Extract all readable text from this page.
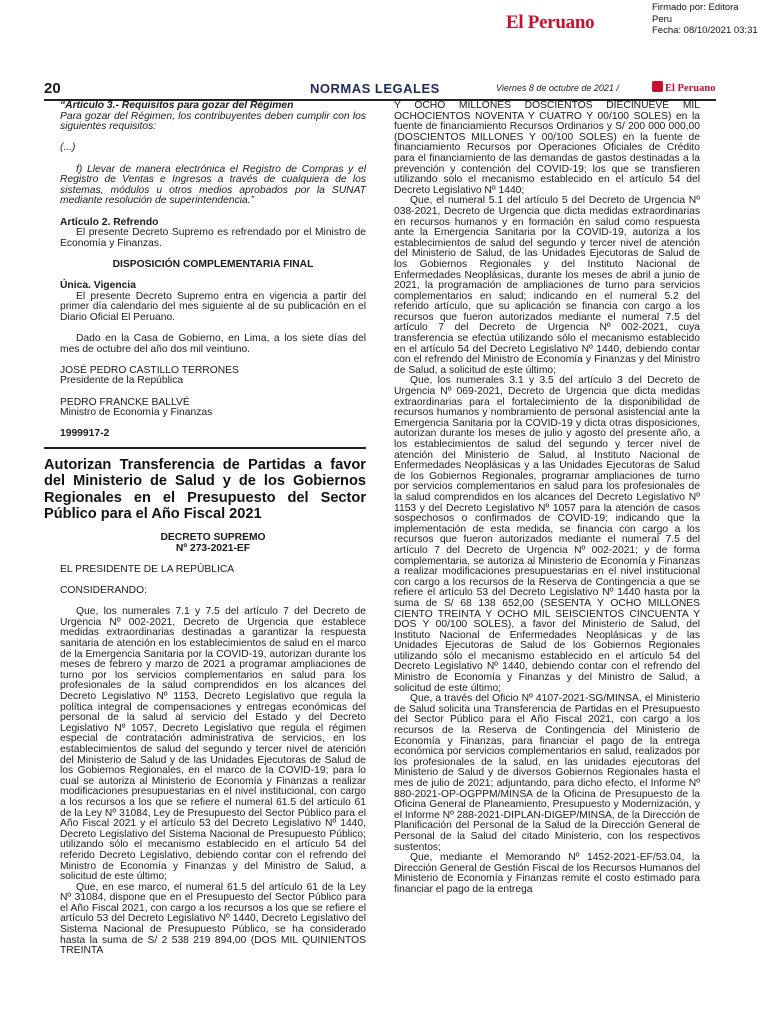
El Peruano
Firmado por: Editora
Peru
Fecha: 08/10/2021 03:31
20	NORMAS LEGALES	Viernes 8 de octubre de 2021 /	El Peruano

“Artículo 3.- Requisitos para gozar del Régimen

Para gozar del Régimen, los contribuyentes deben cumplir con los siguientes requisitos:

(...)

f) Llevar de manera electrónica el Registro de Compras y el Registro de Ventas e Ingresos a través de cualquiera de los sistemas, módulos u otros medios aprobados por la SUNAT mediante resolución de superintendencia.”

Artículo 2. Refrendo

El presente Decreto Supremo es refrendado por el Ministro de Economía y Finanzas.

DISPOSICIÓN COMPLEMENTARIA FINAL

Única. Vigencia

El presente Decreto Supremo entra en vigencia a partir del primer día calendario del mes siguiente al de su publicación en el Diario Oficial El Peruano.

Dado en la Casa de Gobierno, en Lima, a los siete días del mes de octubre del año dos mil veintiuno.

JOSÉ PEDRO CASTILLO TERRONES

Presidente de la República

PEDRO FRANCKE BALLVÉ

Ministro de Economía y Finanzas

1999917-2

Autorizan Transferencia de Partidas a favor del Ministerio de Salud y de los Gobiernos Regionales en el Presupuesto del Sector Público para el Año Fiscal 2021

DECRETO SUPREMO

Nº 273-2021-EF

EL PRESIDENTE DE LA REPÚBLICA

CONSIDERANDO:

Que, los numerales 7.1 y 7.5 del artículo 7 del Decreto de Urgencia Nº 002-2021, Decreto de Urgencia que establece medidas extraordinarias destinadas a garantizar la respuesta sanitaria de atención en los establecimientos de salud en el marco de la Emergencia Sanitaria por la COVID-19, autorizan durante los meses de febrero y marzo de 2021 a programar ampliaciones de turno por los servicios complementarios en salud para los profesionales de la salud comprendidos en los alcances del Decreto Legislativo Nº 1153, Decreto Legislativo que regula la política integral de compensaciones y entregas económicas del personal de la salud al servicio del Estado y del Decreto Legislativo Nº 1057, Decreto Legislativo que regula el régimen especial de contratación administrativa de servicios, en los establecimientos de salud del segundo y tercer nivel de atención del Ministerio de Salud y de las Unidades Ejecutoras de Salud de los Gobiernos Regionales, en el marco de la COVID-19; para lo cual se autoriza al Ministerio de Economía y Finanzas a realizar modificaciones presupuestarias en el nivel institucional, con cargo a los recursos a los que se refiere el numeral 61.5 del artículo 61 de la Ley Nº 31084, Ley de Presupuesto del Sector Público para el Año Fiscal 2021 y el artículo 53 del Decreto Legislativo Nº 1440, Decreto Legislativo del Sistema Nacional de Presupuesto Público; utilizando sólo el mecanismo establecido en el artículo 54 del referido Decreto Legislativo, debiendo contar con el refrendo del Ministro de Economía y Finanzas y del Ministro de Salud, a solicitud de este último;

Que, en ese marco, el numeral 61.5 del artículo 61 de la Ley Nº 31084, dispone que en el Presupuesto del Sector Público para el Año Fiscal 2021, con cargo a los recursos a los que se refiere el artículo 53 del Decreto Legislativo Nº 1440, Decreto Legislativo del Sistema Nacional de Presupuesto Público, se ha considerado hasta la suma de S/ 2 538 219 894,00 (DOS MIL QUINIENTOS TREINTA

Y OCHO MILLONES DOSCIENTOS DIECINUEVE MIL OCHOCIENTOS NOVENTA Y CUATRO Y 00/100 SOLES) en la fuente de financiamiento Recursos Ordinarios y S/ 200 000 000,00 (DOSCIENTOS MILLONES Y 00/100 SOLES) en la fuente de financiamiento Recursos por Operaciones Oficiales de Crédito para el financiamiento de las demandas de gastos destinadas a la prevención y contención del COVID-19; los que se transfieren utilizando solo el mecanismo establecido en el artículo 54 del Decreto Legislativo Nº 1440;

Que, el numeral 5.1 del artículo 5 del Decreto de Urgencia Nº 038-2021, Decreto de Urgencia que dicta medidas extraordinarias en recursos humanos y en formación en salud como respuesta ante la Emergencia Sanitaria por la COVID-19, autoriza a los establecimientos de salud del segundo y tercer nivel de atención del Ministerio de Salud, de las Unidades Ejecutoras de Salud de los Gobiernos Regionales y del Instituto Nacional de Enfermedades Neoplásicas, durante los meses de abril a junio de 2021, la programación de ampliaciones de turno para servicios complementarios en salud; indicando en el numeral 5.2 del referido artículo, que su aplicación se financia con cargo a los recursos que fueron autorizados mediante el numeral 7.5 del artículo 7 del Decreto de Urgencia Nº 002-2021, cuya transferencia se efectúa utilizando sólo el mecanismo establecido en el artículo 54 del Decreto Legislativo Nº 1440, debiendo contar con el refrendo del Ministro de Economía y Finanzas y del Ministro de Salud, a solicitud de este último;

Que, los numerales 3.1 y 3.5 del artículo 3 del Decreto de Urgencia Nº 069-2021, Decreto de Urgencia que dicta medidas extraordinarias para el fortalecimiento de la disponibilidad de recursos humanos y nombramiento de personal asistencial ante la Emergencia Sanitaria por la COVID-19 y dicta otras disposiciones, autorizan durante los meses de julio y agosto del presente año, a los establecimientos de salud del segundo y tercer nivel de atención del Ministerio de Salud, al Instituto Nacional de Enfermedades Neoplásicas y a las Unidades Ejecutoras de Salud de los Gobiernos Regionales, programar ampliaciones de turno por servicios complementarios en salud para los profesionales de la salud comprendidos en los alcances del Decreto Legislativo Nº 1153 y del Decreto Legislativo Nº 1057 para la atención de casos sospechosos o confirmados de COVID-19; indicando que la implementación de esta medida, se financia con cargo a los recursos que fueron autorizados mediante el numeral 7.5 del artículo 7 del Decreto de Urgencia Nº 002-2021; y de forma complementaria, se autoriza al Ministerio de Economía y Finanzas a realizar modificaciones presupuestarias en el nivel institucional con cargo a los recursos de la Reserva de Contingencia a que se refiere el artículo 53 del Decreto Legislativo Nº 1440 hasta por la suma de S/ 68 138 652,00 (SESENTA Y OCHO MILLONES CIENTO TREINTA Y OCHO MIL SEISCIENTOS CINCUENTA Y DOS Y 00/100 SOLES), a favor del Ministerio de Salud, del Instituto Nacional de Enfermedades Neoplásicas y de las Unidades Ejecutoras de Salud de los Gobiernos Regionales utilizando sólo el mecanismo establecido en el artículo 54 del Decreto Legislativo Nº 1440, debiendo contar con el refrendo del Ministro de Economía y Finanzas y del Ministro de Salud, a solicitud de este último;

Que, a través del Oficio Nº 4107-2021-SG/MINSA, el Ministerio de Salud solicita una Transferencia de Partidas en el Presupuesto del Sector Público para el Año Fiscal 2021, con cargo a los recursos de la Reserva de Contingencia del Ministerio de Economía y Finanzas, para financiar el pago de la entrega económica por servicios complementarios en salud, realizados por los profesionales de la salud, en las unidades ejecutoras del Ministerio de Salud y de diversos Gobiernos Regionales hasta el mes de julio de 2021; adjuntando, para dicho efecto, el Informe Nº 880-2021-OP-OGPPM/MINSA de la Oficina de Presupuesto de la Oficina General de Planeamiento, Presupuesto y Modernización, y el Informe Nº 288-2021-DIPLAN-DIGEP/MINSA, de la Dirección de Planificación del Personal de la Salud de la Dirección General de Personal de la Salud del citado Ministerio, con los respectivos sustentos;

Que, mediante el Memorando Nº 1452-2021-EF/53.04, la Dirección General de Gestión Fiscal de los Recursos Humanos del Ministerio de Economía y Finanzas remite el costo estimado para financiar el pago de la entrega
